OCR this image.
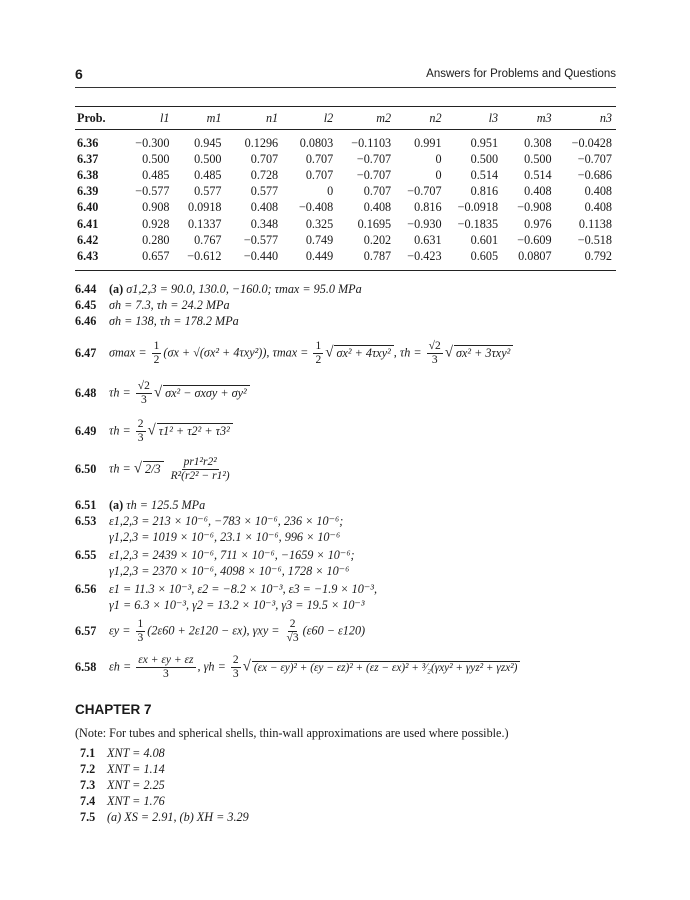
6	Answers for Problems and Questions
Prob.	l1	m1	n1	l2	m2	n2	l3	m3	n3
6.36	−0.300	0.945	0.1296	0.0803	−0.1103	0.991	0.951	0.308	−0.0428
6.37	0.500	0.500	0.707	0.707	−0.707	0	0.500	0.500	−0.707
6.38	0.485	0.485	0.728	0.707	−0.707	0	0.514	0.514	−0.686
6.39	−0.577	0.577	0.577	0	0.707	−0.707	0.816	0.408	0.408
6.40	0.908	0.0918	0.408	−0.408	0.408	0.816	−0.0918	−0.908	0.408
6.41	0.928	0.1337	0.348	0.325	0.1695	−0.930	−0.1835	0.976	0.1138
6.42	0.280	0.767	−0.577	0.749	0.202	0.631	0.601	−0.609	−0.518
6.43	0.657	−0.612	−0.440	0.449	0.787	−0.423	0.605	0.0807	0.792
6.44 (a) σ1,2,3 = 90.0, 130.0, −160.0; τmax = 95.0 MPa
6.45 σh = 7.3, τh = 24.2 MPa
6.46 σh = 138, τh = 178.2 MPa
6.47 $\sigma\max = \frac{1}{2} (\sigma x + √(\sigma x^2 + 4\tau xy^2))$, $\tau\max = \frac{1}{2}$ √ σx² + 4τxy² , $\tau h = \frac{√2}{3}$ √ σx² + 3τxy²
6.48 $\tau h = \frac{√2}{3}$ √ σx² − σxσy + σy²
6.49 $\tau h = \frac{2}{3}$ √ τ1² + τ2² + τ3²
6.50 τh = √ $2/3 \frac{\text{pr1²r2²}}{\text{R²(r2² − r1²)}}$
6.51 (a) τh = 125.5 MPa
6.53 ε1,2,3 = 213 × 10⁻⁶, −783 × 10⁻⁶, 236 × 10⁻⁶;
γ1,2,3 = 1019 × 10⁻⁶, 23.1 × 10⁻⁶, 996 × 10⁻⁶
6.55 ε1,2,3 = 2439 × 10⁻⁶, 711 × 10⁻⁶, −1659 × 10⁻⁶;
γ1,2,3 = 2370 × 10⁻⁶, 4098 × 10⁻⁶, 1728 × 10⁻⁶
6.56 ε1 = 11.3 × 10⁻³, ε2 = −8.2 × 10⁻³, ε3 = −1.9 × 10⁻³,
γ1 = 6.3 × 10⁻³, γ2 = 13.2 × 10⁻³, γ3 = 19.5 × 10⁻³
6.57 $\varepsilon y = \frac{1}{3} (2\varepsilon 60 + 2\varepsilon 120 - \varepsilon x)$, $\gamma xy = \frac{2}{√3} (\varepsilon 60 - \varepsilon 120)$
6.58 $\varepsilon h = \frac{\varepsilon x + \varepsilon y + \varepsilon z}{3}$ , $\gamma h = \frac{2}{3}$ √ (εx − εy)² + (εy − εz)² + (εz − εx)² + ³⁄₂(γxy² + γyz² + γzx²)
CHAPTER 7
(Note: For tubes and spherical shells, thin-wall approximations are used where possible.)
7.1 XNT = 4.08
7.2 XNT = 1.14
7.3 XNT = 2.25
7.4 XNT = 1.76
7.5 (a) XS = 2.91, (b) XH = 3.29
